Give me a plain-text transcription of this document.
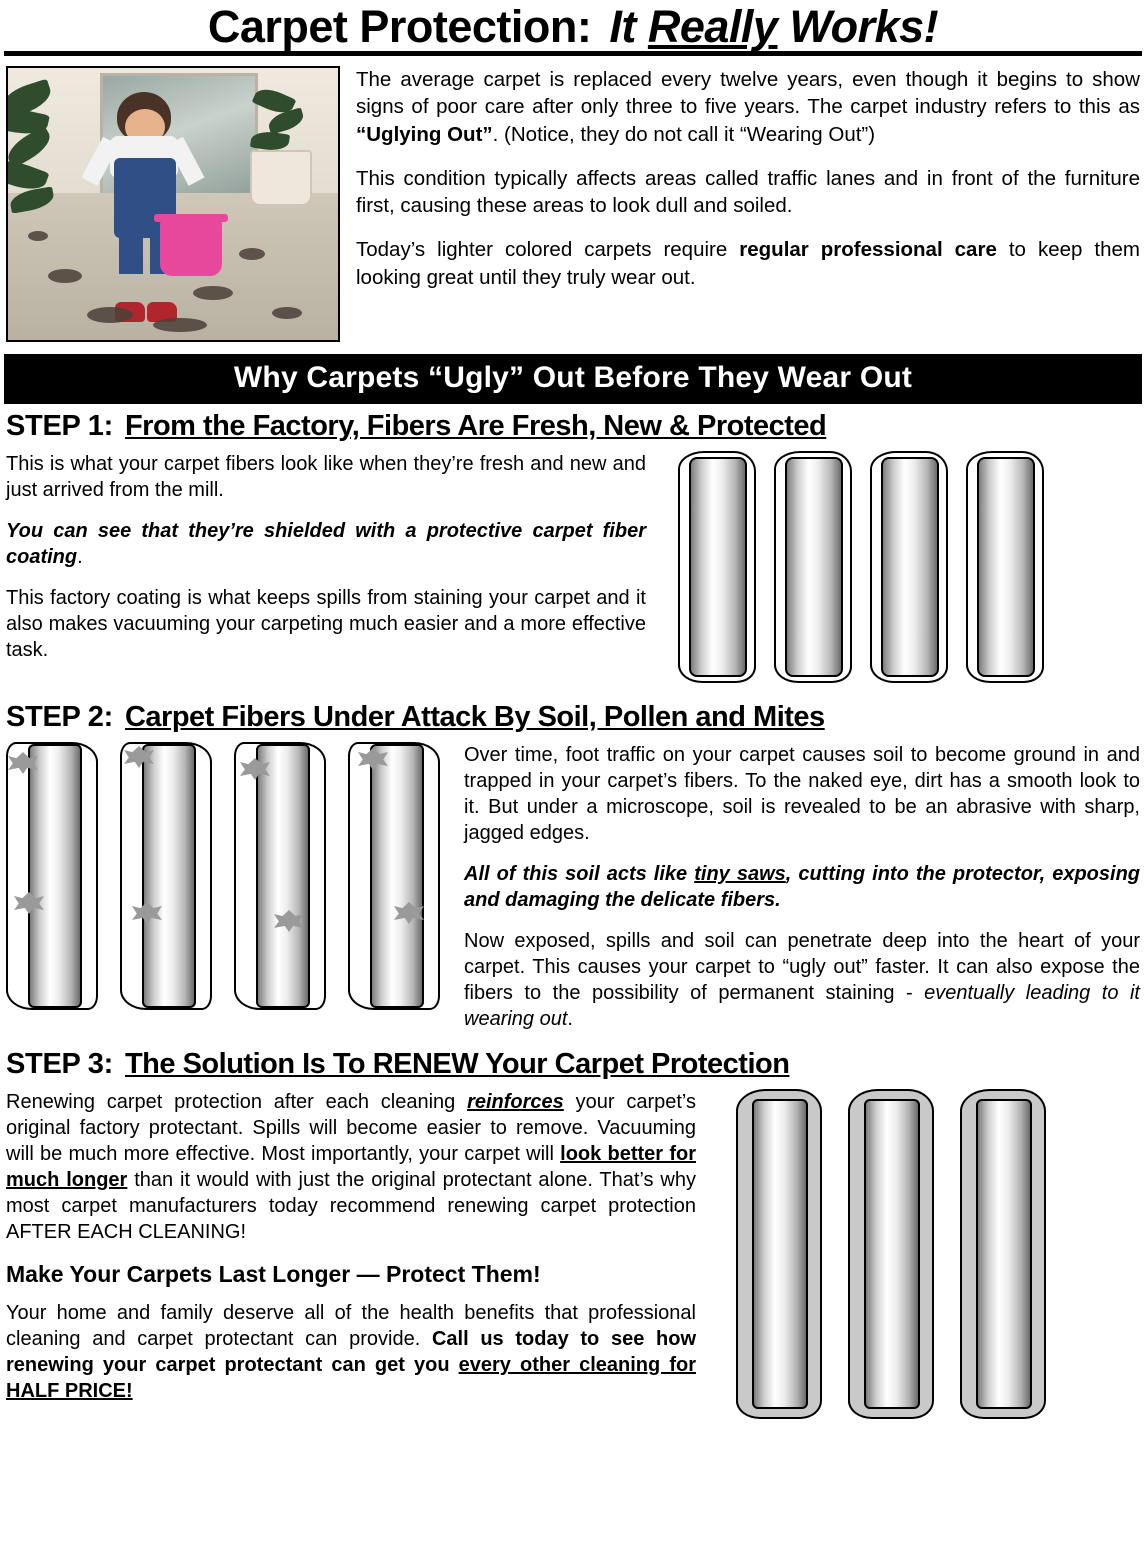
Carpet Protection: It Really Works!

The average carpet is replaced every twelve years, even though it begins to show signs of poor care after only three to five years. The carpet industry refers to this as “Uglying Out”. (Notice, they do not call it “Wearing Out”)

This condition typically affects areas called traffic lanes and in front of the furniture first, causing these areas to look dull and soiled.

Today’s lighter colored carpets require regular professional care to keep them looking great until they truly wear out.

Why Carpets “Ugly” Out Before They Wear Out
STEP 1: From the Factory, Fibers Are Fresh, New & Protected

This is what your carpet fibers look like when they’re fresh and new and just arrived from the mill.

You can see that they’re shielded with a protective carpet fiber coating.

This factory coating is what keeps spills from staining your carpet and it also makes vacuuming your carpeting much easier and a more effective task.

STEP 2: Carpet Fibers Under Attack By Soil, Pollen and Mites

Over time, foot traffic on your carpet causes soil to become ground in and trapped in your carpet’s fibers. To the naked eye, dirt has a smooth look to it. But under a microscope, soil is revealed to be an abrasive with sharp, jagged edges.

All of this soil acts like tiny saws, cutting into the protector, exposing and damaging the delicate fibers.

Now exposed, spills and soil can penetrate deep into the heart of your carpet. This causes your carpet to “ugly out” faster. It can also expose the fibers to the possibility of permanent staining - eventually leading to it wearing out.

STEP 3: The Solution Is To RENEW Your Carpet Protection

Renewing carpet protection after each cleaning reinforces your carpet’s original factory protectant. Spills will become easier to remove. Vacuuming will be much more effective. Most importantly, your carpet will look better for much longer than it would with just the original protectant alone. That’s why most carpet manufacturers today recommend renewing carpet protection AFTER EACH CLEANING!

Make Your Carpets Last Longer — Protect Them!

Your home and family deserve all of the health benefits that professional cleaning and carpet protectant can provide. Call us today to see how renewing your carpet protectant can get you every other cleaning for HALF PRICE!
